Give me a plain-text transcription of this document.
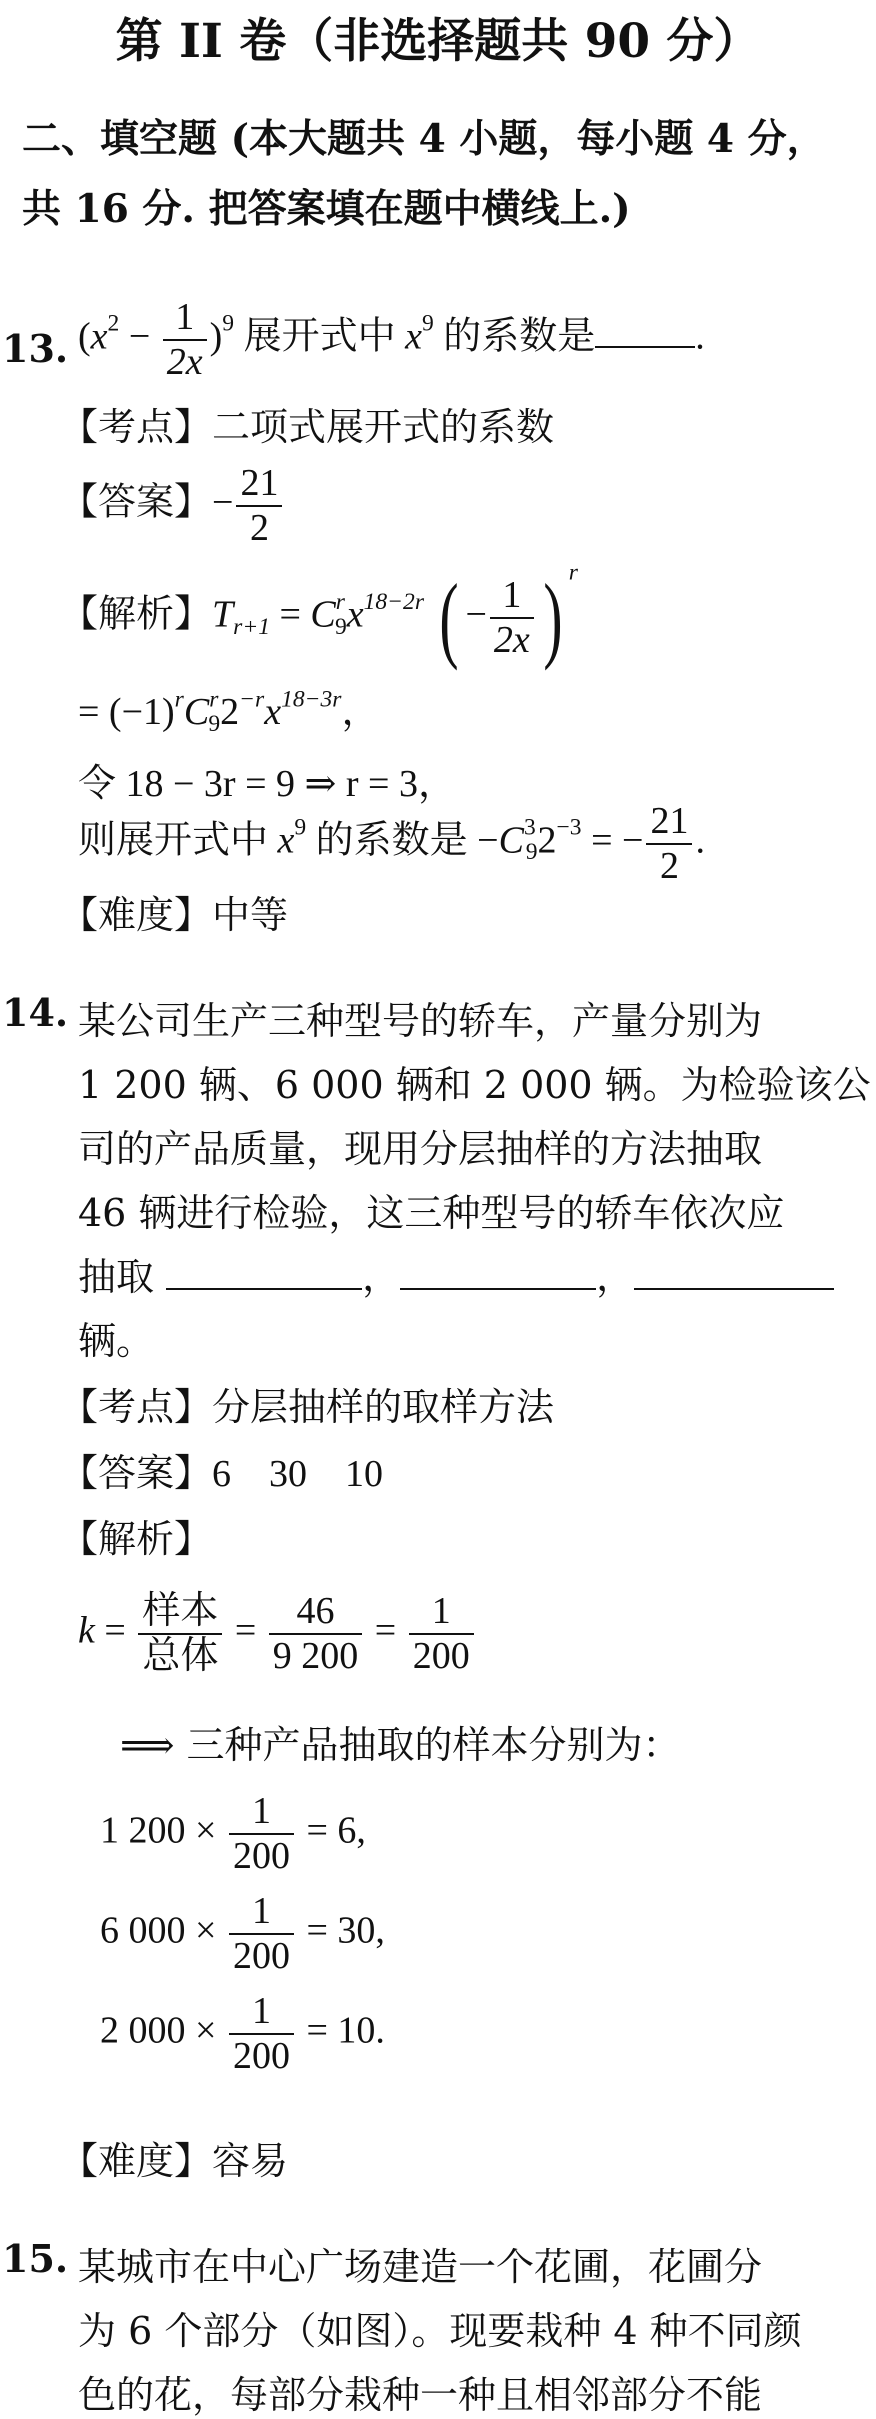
第 II 卷（非选择题共 90 分）
二、填空题 (本大题共 4 小题，每小题 4 分，
共 16 分. 把答案填在题中横线上.)
13. $(x^2 - \frac{1}{2x} )^9$ 展开式中 $x^9$ 的系数是	.
【考点】二项式展开式的系数
【答案】− $\frac{21}{2}$
【解析】$T_{r+1} = C^r_9x^{18-2r}$ ( − $\frac{1}{2x}$ ) $^r$
= $(-1)^rC^r_92^{-r}x^{18-3r}$，
令 18 − 3r = 9 ⇒ r = 3，
则展开式中 $x^9$ 的系数是 $-C^3_92^{-3}$ = − $\frac{21}{2}$ .
【难度】中等
14. 某公司生产三种型号的轿车，产量分别为
1 200 辆、6 000 辆和 2 000 辆。为检验该公
司的产品质量，现用分层抽样的方法抽取
46 辆进行检验，这三种型号的轿车依次应
抽取	，	，
辆。
【考点】分层抽样的取样方法
【答案】6    30    10
【解析】
$k = \frac{\text{样本}}{\text{总体}} = \frac{46}{9 200} = \frac{1}{200}$
⟹ 三种产品抽取的样本分别为：
1 $200 \times \frac{1}{200} = 6$,
6 $000 \times \frac{1}{200} = 30$,
2 $000 \times \frac{1}{200} = 10$.
【难度】容易
15. 某城市在中心广场建造一个花圃，花圃分
为 6 个部分（如图）。现要栽种 4 种不同颜
色的花，每部分栽种一种且相邻部分不能
